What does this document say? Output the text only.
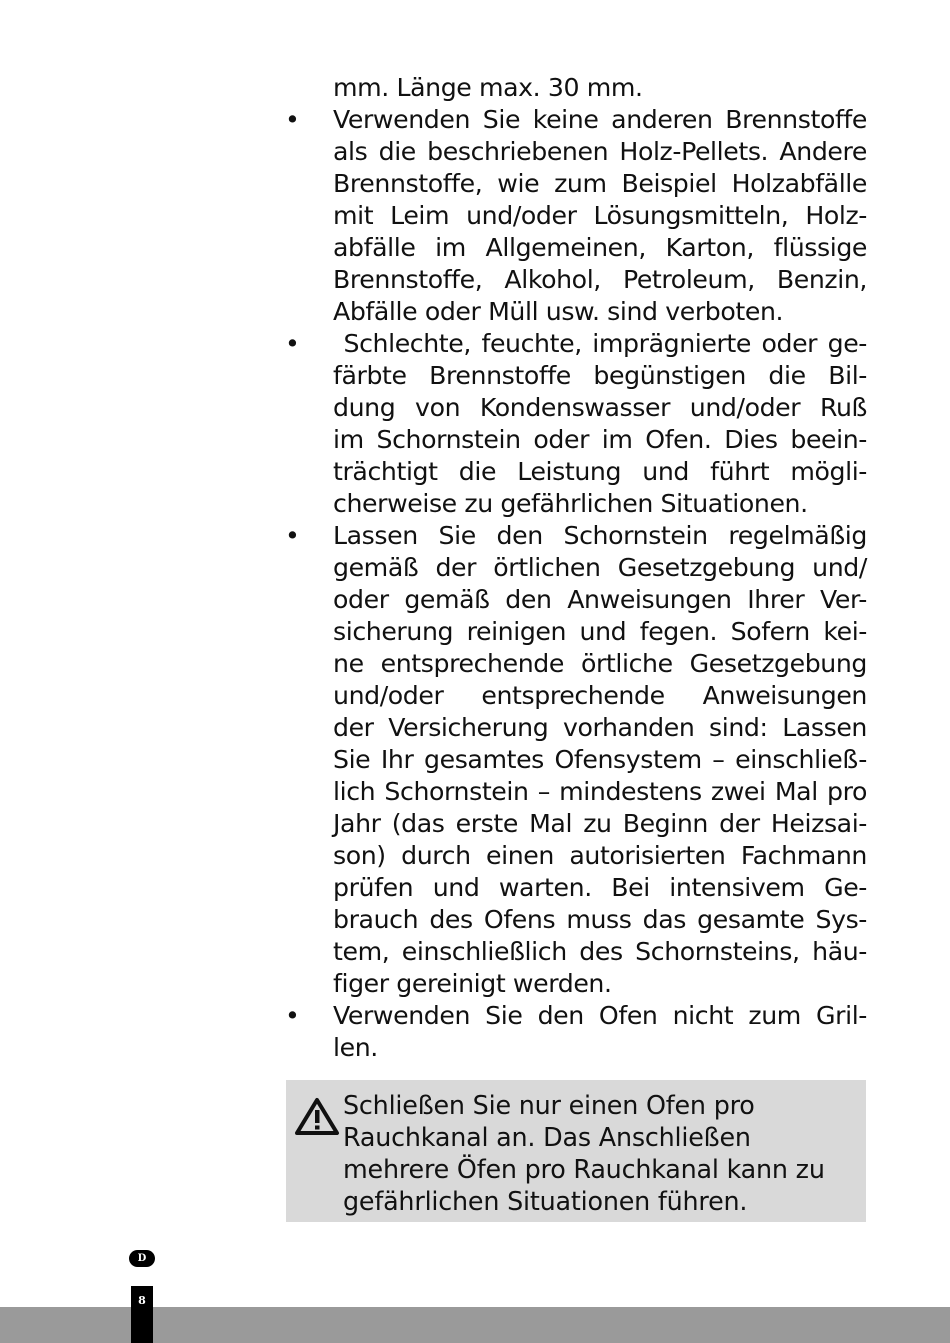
mm. Länge max. 30 mm.
• Verwenden Sie keine anderen Brennstoffe
als die beschriebenen Holz-Pellets. Andere
Brennstoffe, wie zum Beispiel Holzabfälle
mit Leim und/oder Lösungsmitteln, Holz-
abfälle im Allgemeinen, Karton, flüssige
Brennstoffe, Alkohol, Petroleum, Benzin,
Abfälle oder Müll usw. sind verboten.
• Schlechte, feuchte, imprägnierte oder ge-
färbte Brennstoffe begünstigen die Bil-
dung von Kondenswasser und/oder Ruß
im Schornstein oder im Ofen. Dies beein-
trächtigt die Leistung und führt mögli-
cherweise zu gefährlichen Situationen.
• Lassen Sie den Schornstein regelmäßig
gemäß der örtlichen Gesetzgebung und/
oder gemäß den Anweisungen Ihrer Ver-
sicherung reinigen und fegen. Sofern kei-
ne entsprechende örtliche Gesetzgebung
und/oder entsprechende Anweisungen
der Versicherung vorhanden sind: Lassen
Sie Ihr gesamtes Ofensystem – einschließ-
lich Schornstein – mindestens zwei Mal pro
Jahr (das erste Mal zu Beginn der Heizsai-
son) durch einen autorisierten Fachmann
prüfen und warten. Bei intensivem Ge-
brauch des Ofens muss das gesamte Sys-
tem, einschließlich des Schornsteins, häu-
figer gereinigt werden.
• Verwenden Sie den Ofen nicht zum Gril-
len.
Schließen Sie nur einen Ofen pro
Rauchkanal an. Das Anschließen
mehrere Öfen pro Rauchkanal kann zu
gefährlichen Situationen führen.
D
8
